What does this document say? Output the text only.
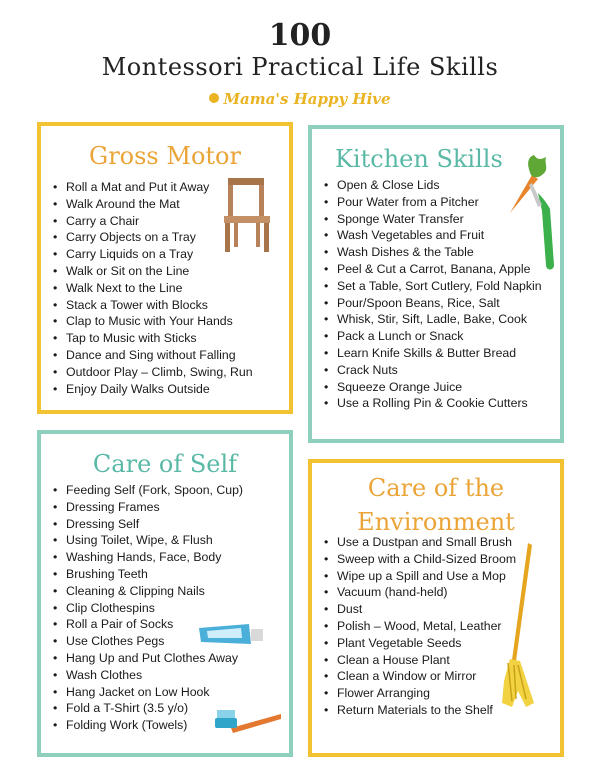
100
Montessori Practical Life Skills
Mama's Happy Hive
Gross Motor
• Roll a Mat and Put it Away
• Walk Around the Mat
• Carry a Chair
• Carry Objects on a Tray
• Carry Liquids on a Tray
• Walk or Sit on the Line
• Walk Next to the Line
• Stack a Tower with Blocks
• Clap to Music with Your Hands
• Tap to Music with Sticks
• Dance and Sing without Falling
• Outdoor Play – Climb, Swing, Run
• Enjoy Daily Walks Outside
Kitchen Skills
• Open & Close Lids
• Pour Water from a Pitcher
• Sponge Water Transfer
• Wash Vegetables and Fruit
• Wash Dishes & the Table
• Peel & Cut a Carrot, Banana, Apple
• Set a Table, Sort Cutlery, Fold Napkin
• Pour/Spoon Beans, Rice, Salt
• Whisk, Stir, Sift, Ladle, Bake, Cook
• Pack a Lunch or Snack
• Learn Knife Skills & Butter Bread
• Crack Nuts
• Squeeze Orange Juice
• Use a Rolling Pin & Cookie Cutters
Care of Self
• Feeding Self (Fork, Spoon, Cup)
• Dressing Frames
• Dressing Self
• Using Toilet, Wipe, & Flush
• Washing Hands, Face, Body
• Brushing Teeth
• Cleaning & Clipping Nails
• Clip Clothespins
• Roll a Pair of Socks
• Use Clothes Pegs
• Hang Up and Put Clothes Away
• Wash Clothes
• Hang Jacket on Low Hook
• Fold a T-Shirt (3.5 y/o)
• Folding Work (Towels)
Care of the
Environment
• Use a Dustpan and Small Brush
• Sweep with a Child-Sized Broom
• Wipe up a Spill and Use a Mop
• Vacuum (hand-held)
• Dust
• Polish – Wood, Metal, Leather
• Plant Vegetable Seeds
• Clean a House Plant
• Clean a Window or Mirror
• Flower Arranging
• Return Materials to the Shelf
